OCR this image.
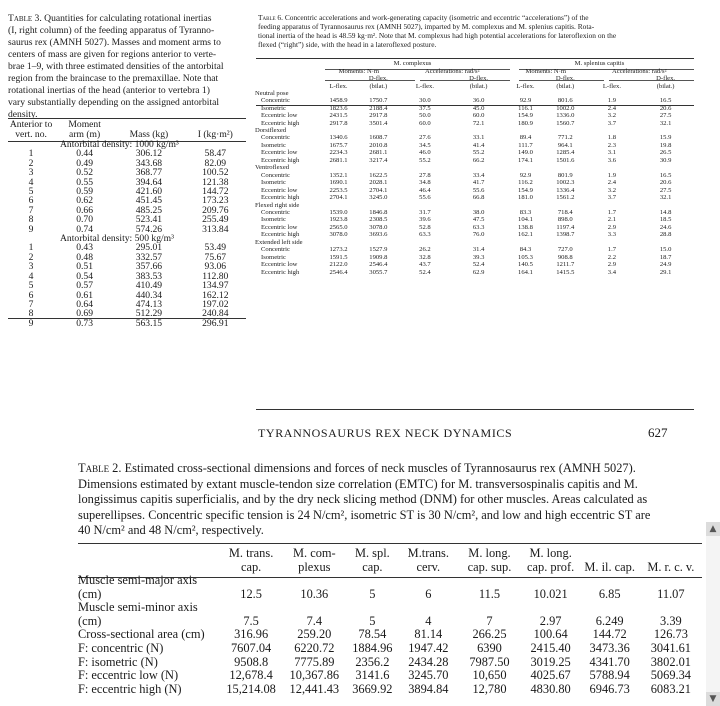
Table 3. Quantities for calculating rotational inertias
(I, right column) of the feeding apparatus of Tyranno-
saurus rex (AMNH 5027). Masses and moment arms to
centers of mass are given for regions anterior to verte-
brae 1–9, with three estimated densities of the antorbital
region from the braincase to the premaxillae. Note that
rotational inertias of the head (anterior to vertebra 1)
vary substantially depending on the assigned antorbital
density.
Anterior to	Moment		
vert. no.	arm (m)	Mass (kg)	I (kg·m²)
Antorbital density: 1000 kg/m³			
1	0.44	306.12	58.47
2	0.49	343.68	82.09
3	0.52	368.77	100.52
4	0.55	394.64	121.38
5	0.59	421.60	144.72
6	0.62	451.45	173.23
7	0.66	485.25	209.76
8	0.70	523.41	255.49
9	0.74	574.26	313.84
Antorbital density: 500 kg/m³			
1	0.43	295.01	53.49
2	0.48	332.57	75.67
3	0.51	357.66	93.06
4	0.54	383.53	112.80
5	0.57	410.49	134.97
6	0.61	440.34	162.12
7	0.64	474.13	197.02
8	0.69	512.29	240.84
9	0.73	563.15	296.91
Table 6. Concentric accelerations and work-generating capacity (isometric and eccentric “accelerations”) of the
feeding apparatus of Tyrannosaurus rex (AMNH 5027), imparted by M. complexus and M. splenius capitis. Rota-
tional inertia of the head is 48.59 kg·m². Note that M. complexus had high potential accelerations for lateroflexion on the
flexed (“right”) side, with the head in a lateroflexed posture.
	M. complexus				M. splenius capitis			
	Moments: N·m		Accelerations: rad/s²		Moments: N·m		Accelerations: rad/s²	
		D-flex.		D-flex.		D-flex.		D-flex.
	L-flex.	(bilat.)	L-flex.	(bilat.)	L-flex.	(bilat.)	L-flex.	(bilat.)
Neutral pose								
Concentric	1458.9	1750.7	30.0	36.0	92.9	801.6	1.9	16.5
Isometric	1823.6	2188.4	37.5	45.0	116.1	1002.0	2.4	20.6
Eccentric low	2431.5	2917.8	50.0	60.0	154.9	1336.0	3.2	27.5
Eccentric high	2917.8	3501.4	60.0	72.1	180.9	1560.7	3.7	32.1
Dorsiflexed								
Concentric	1340.6	1608.7	27.6	33.1	89.4	771.2	1.8	15.9
Isometric	1675.7	2010.8	34.5	41.4	111.7	964.1	2.3	19.8
Eccentric low	2234.3	2681.1	46.0	55.2	149.0	1285.4	3.1	26.5
Eccentric high	2681.1	3217.4	55.2	66.2	174.1	1501.6	3.6	30.9
Ventroflexed								
Concentric	1352.1	1622.5	27.8	33.4	92.9	801.9	1.9	16.5
Isometric	1690.1	2028.1	34.8	41.7	116.2	1002.3	2.4	20.6
Eccentric low	2253.5	2704.1	46.4	55.6	154.9	1336.4	3.2	27.5
Eccentric high	2704.1	3245.0	55.6	66.8	181.0	1561.2	3.7	32.1
Flexed right side								
Concentric	1539.0	1846.8	31.7	38.0	83.3	718.4	1.7	14.8
Isometric	1923.8	2308.5	39.6	47.5	104.1	898.0	2.1	18.5
Eccentric low	2565.0	3078.0	52.8	63.3	138.8	1197.4	2.9	24.6
Eccentric high	3078.0	3693.6	63.3	76.0	162.1	1398.7	3.3	28.8
Extended left side								
Concentric	1273.2	1527.9	26.2	31.4	84.3	727.0	1.7	15.0
Isometric	1591.5	1909.8	32.8	39.3	105.3	908.8	2.2	18.7
Eccentric low	2122.0	2546.4	43.7	52.4	140.5	1211.7	2.9	24.9
Eccentric high	2546.4	3055.7	52.4	62.9	164.1	1415.5	3.4	29.1
TYRANNOSAURUS REX NECK DYNAMICS	627
Table 2. Estimated cross-sectional dimensions and forces of neck muscles of Tyrannosaurus rex (AMNH 5027).
Dimensions estimated by extant muscle-tendon size correlation (EMTC) for M. transversospinalis capitis and M.
longissimus capitis superficialis, and by the dry neck slicing method (DNM) for other muscles. Areas calculated as
superellipses. Concentric specific tension is 24 N/cm², isometric ST is 30 N/cm², and low and high eccentric ST are
40 N/cm² and 48 N/cm², respectively.
	M. trans.	M. com-	M. spl.	M.trans.	M. long.	M. long.		
	cap.	plexus	cap.	cerv.	cap. sup.	cap. prof.	M. il. cap.	M. r. c. v.
Muscle semi-major axis								
(cm)	12.5	10.36	5	6	11.5	10.021	6.85	11.07
Muscle semi-minor axis								
(cm)	7.5	7.4	5	4	7	2.97	6.249	3.39
Cross-sectional area (cm)	316.96	259.20	78.54	81.14	266.25	100.64	144.72	126.73
F: concentric (N)	7607.04	6220.72	1884.96	1947.42	6390	2415.40	3473.36	3041.61
F: isometric (N)	9508.8	7775.89	2356.2	2434.28	7987.50	3019.25	4341.70	3802.01
F: eccentric low (N)	12,678.4	10,367.86	3141.6	3245.70	10,650	4025.67	5788.94	5069.34
F: eccentric high (N)	15,214.08	12,441.43	3669.92	3894.84	12,780	4830.80	6946.73	6083.21
▲
▼
